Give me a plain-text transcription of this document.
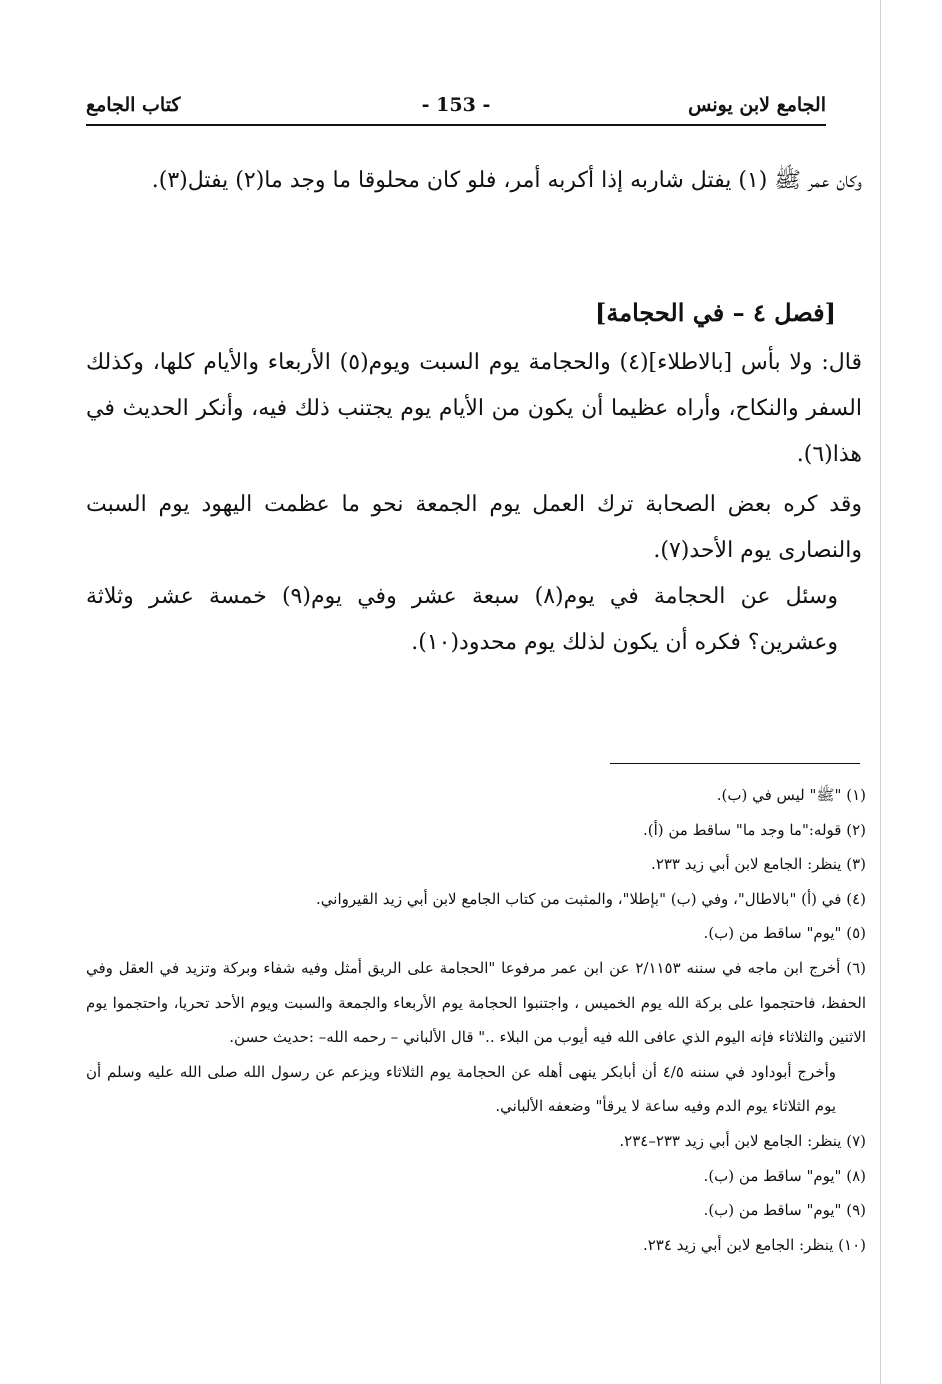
الجامع لابن يونس
- 153 -
كتاب الجامع

وكان عمر ﷺ (١) يفتل شاربه إذا أكربه أمر، فلو كان محلوقا ما وجد ما(٢) يفتل(٣).

[فصل ٤ – في الحجامة]

قال: ولا بأس [بالاطلاء](٤) والحجامة يوم السبت ويوم(٥) الأربعاء والأيام كلها، وكذلك السفر والنكاح، وأراه عظيما أن يكون من الأيام يوم يجتنب ذلك فيه، وأنكر الحديث في هذا(٦).

وقد كره بعض الصحابة ترك العمل يوم الجمعة نحو ما عظمت اليهود يوم السبت والنصارى يوم الأحد(٧).

وسئل عن الحجامة في يوم(٨) سبعة عشر وفي يوم(٩) خمسة عشر وثلاثة وعشرين؟ فكره أن يكون لذلك يوم محدود(١٠).

(١) "ﷺ" ليس في (ب).

(٢) قوله:"ما وجد ما" ساقط من (أ).

(٣) ينظر: الجامع لابن أبي زيد ٢٣٣.

(٤) في (أ) "بالاطال"، وفي (ب) "بإطلا"، والمثبت من كتاب الجامع لابن أبي زيد القيرواني.

(٥) "يوم" ساقط من (ب).

(٦) أخرج ابن ماجه في سننه ٢/١١٥٣ عن ابن عمر مرفوعا "الحجامة على الريق أمثل وفيه شفاء وبركة وتزيد في العقل وفي الحفظ، فاحتجموا على بركة الله يوم الخميس ، واجتنبوا الحجامة يوم الأربعاء والجمعة والسبت ويوم الأحد تحريا، واحتجموا يوم الاثنين والثلاثاء فإنه اليوم الذي عافى الله فيه أيوب من البلاء .." قال الألباني – رحمه الله– :حديث حسن.

وأخرج أبوداود في سننه ٤/٥ أن أبابكر ينهى أهله عن الحجامة يوم الثلاثاء ويزعم عن رسول الله صلى الله عليه وسلم أن يوم الثلاثاء يوم الدم وفيه ساعة لا يرقأ" وضعفه الألباني.

(٧) ينظر: الجامع لابن أبي زيد ٢٣٣–٢٣٤.

(٨) "يوم" ساقط من (ب).

(٩) "يوم" ساقط من (ب).

(١٠) ينظر: الجامع لابن أبي زيد ٢٣٤.
